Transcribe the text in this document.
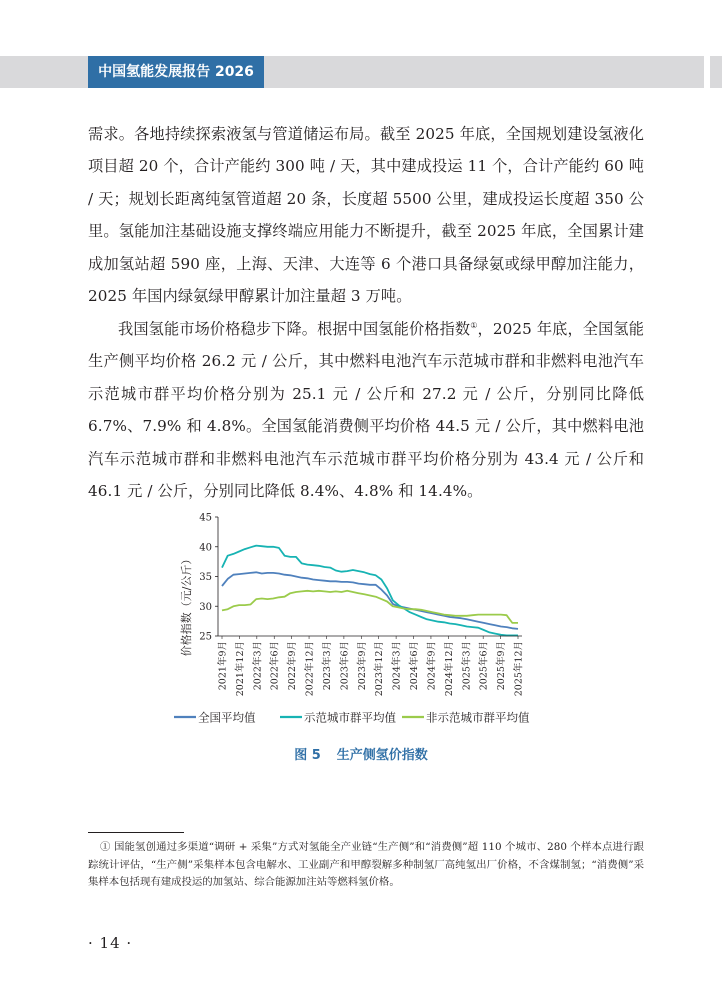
中国氢能发展报告 2026

需求。各地持续探索液氢与管道储运布局。截至 2025 年底，全国规划建设氢液化项目超 20 个，合计产能约 300 吨 / 天，其中建成投运 11 个，合计产能约 60 吨 / 天；规划长距离纯氢管道超 20 条，长度超 5500 公里，建成投运长度超 350 公里。氢能加注基础设施支撑终端应用能力不断提升，截至 2025 年底，全国累计建成加氢站超 590 座，上海、天津、大连等 6 个港口具备绿氨或绿甲醇加注能力，2025 年国内绿氨绿甲醇累计加注量超 3 万吨。

我国氢能市场价格稳步下降。根据中国氢能价格指数①，2025 年底，全国氢能生产侧平均价格 26.2 元 / 公斤，其中燃料电池汽车示范城市群和非燃料电池汽车示范城市群平均价格分别为 25.1 元 / 公斤和 27.2 元 / 公斤，分别同比降低 6.7%、7.9% 和 4.8%。全国氢能消费侧平均价格 44.5 元 / 公斤，其中燃料电池汽车示范城市群和非燃料电池汽车示范城市群平均价格分别为 43.4 元 / 公斤和 46.1 元 / 公斤，分别同比降低 8.4%、4.8% 和 14.4%。

25
30
35
40
45
2021年9月 2021年12月 2022年3月 2022年6月 2022年9月 2022年12月 2023年3月 2023年6月 2023年9月 2023年12月 2024年3月 2024年6月 2024年9月 2024年12月 2025年3月 2025年6月 2025年9月 2025年12月
价格指数（元/公斤）
全国平均值	示范城市群平均值	非示范城市群平均值
图 5 生产侧氢价指数

① 国能氢创通过多渠道“调研 + 采集”方式对氢能全产业链“生产侧”和“消费侧”超 110 个城市、280 个样本点进行跟踪统计评估，“生产侧”采集样本包含电解水、工业副产和甲醇裂解多种制氢厂高纯氢出厂价格，不含煤制氢；“消费侧”采集样本包括现有建成投运的加氢站、综合能源加注站等燃料氢价格。

· 14 ·
